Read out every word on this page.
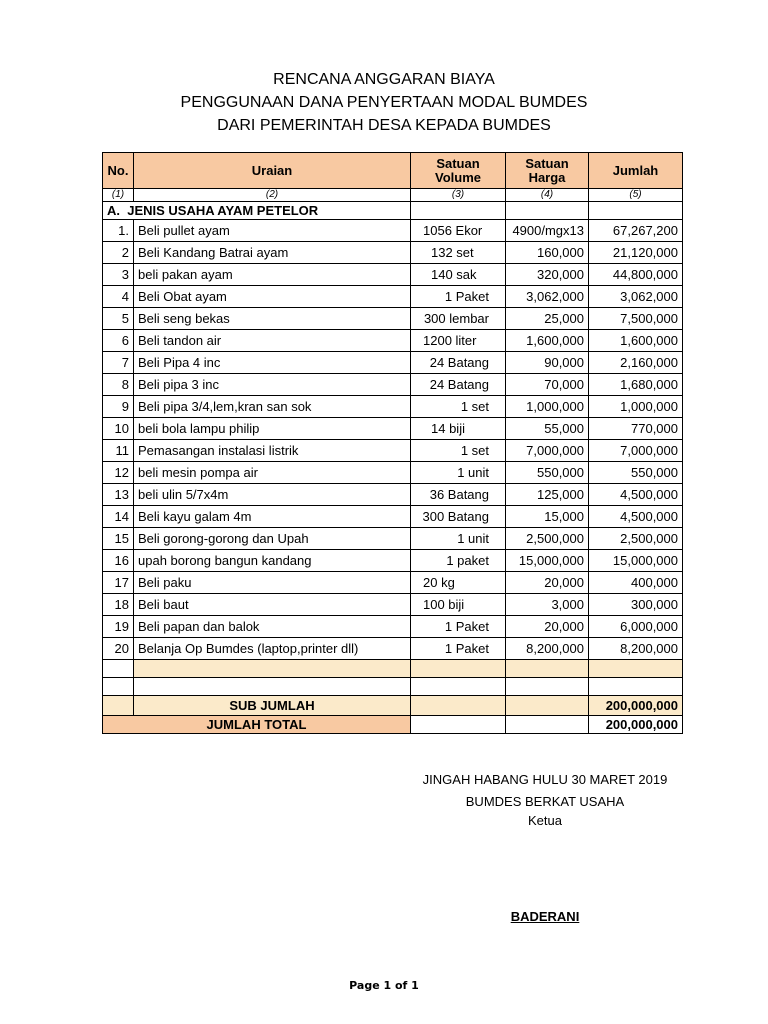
RENCANA ANGGARAN BIAYA
PENGGUNAAN DANA PENYERTAAN MODAL BUMDES
DARI PEMERINTAH DESA KEPADA BUMDES
No.	Uraian	Satuan Volume	Satuan Harga	Jumlah
(1)	(2)	(3)	(4)	(5)
A. JENIS USAHA AYAM PETELOR				
1.	Beli pullet ayam	1056 Ekor	4900/mgx13	67,267,200
2	Beli Kandang Batrai ayam	132 set	160,000	21,120,000
3	beli pakan ayam	140 sak	320,000	44,800,000
4	Beli Obat ayam	1 Paket	3,062,000	3,062,000
5	Beli seng bekas	300 lembar	25,000	7,500,000
6	Beli tandon air	1200 liter	1,600,000	1,600,000
7	Beli Pipa 4 inc	24 Batang	90,000	2,160,000
8	Beli pipa 3 inc	24 Batang	70,000	1,680,000
9	Beli pipa 3/4,lem,kran san sok	1 set	1,000,000	1,000,000
10	beli bola lampu philip	14 biji	55,000	770,000
11	Pemasangan instalasi listrik	1 set	7,000,000	7,000,000
12	beli mesin pompa air	1 unit	550,000	550,000
13	beli ulin 5/7x4m	36 Batang	125,000	4,500,000
14	Beli kayu galam 4m	300 Batang	15,000	4,500,000
15	Beli gorong-gorong dan Upah	1 unit	2,500,000	2,500,000
16	upah borong bangun kandang	1 paket	15,000,000	15,000,000
17	Beli paku	20 kg	20,000	400,000
18	Beli baut	100 biji	3,000	300,000
19	Beli papan dan balok	1 Paket	20,000	6,000,000
20	Belanja Op Bumdes (laptop,printer dll)	1 Paket	8,200,000	8,200,000

	SUB JUMLAH			200,000,000
JUMLAH TOTAL				200,000,000
JINGAH HABANG HULU 30 MARET 2019
BUMDES BERKAT USAHA
Ketua
BADERANI
Page 1 of 1
